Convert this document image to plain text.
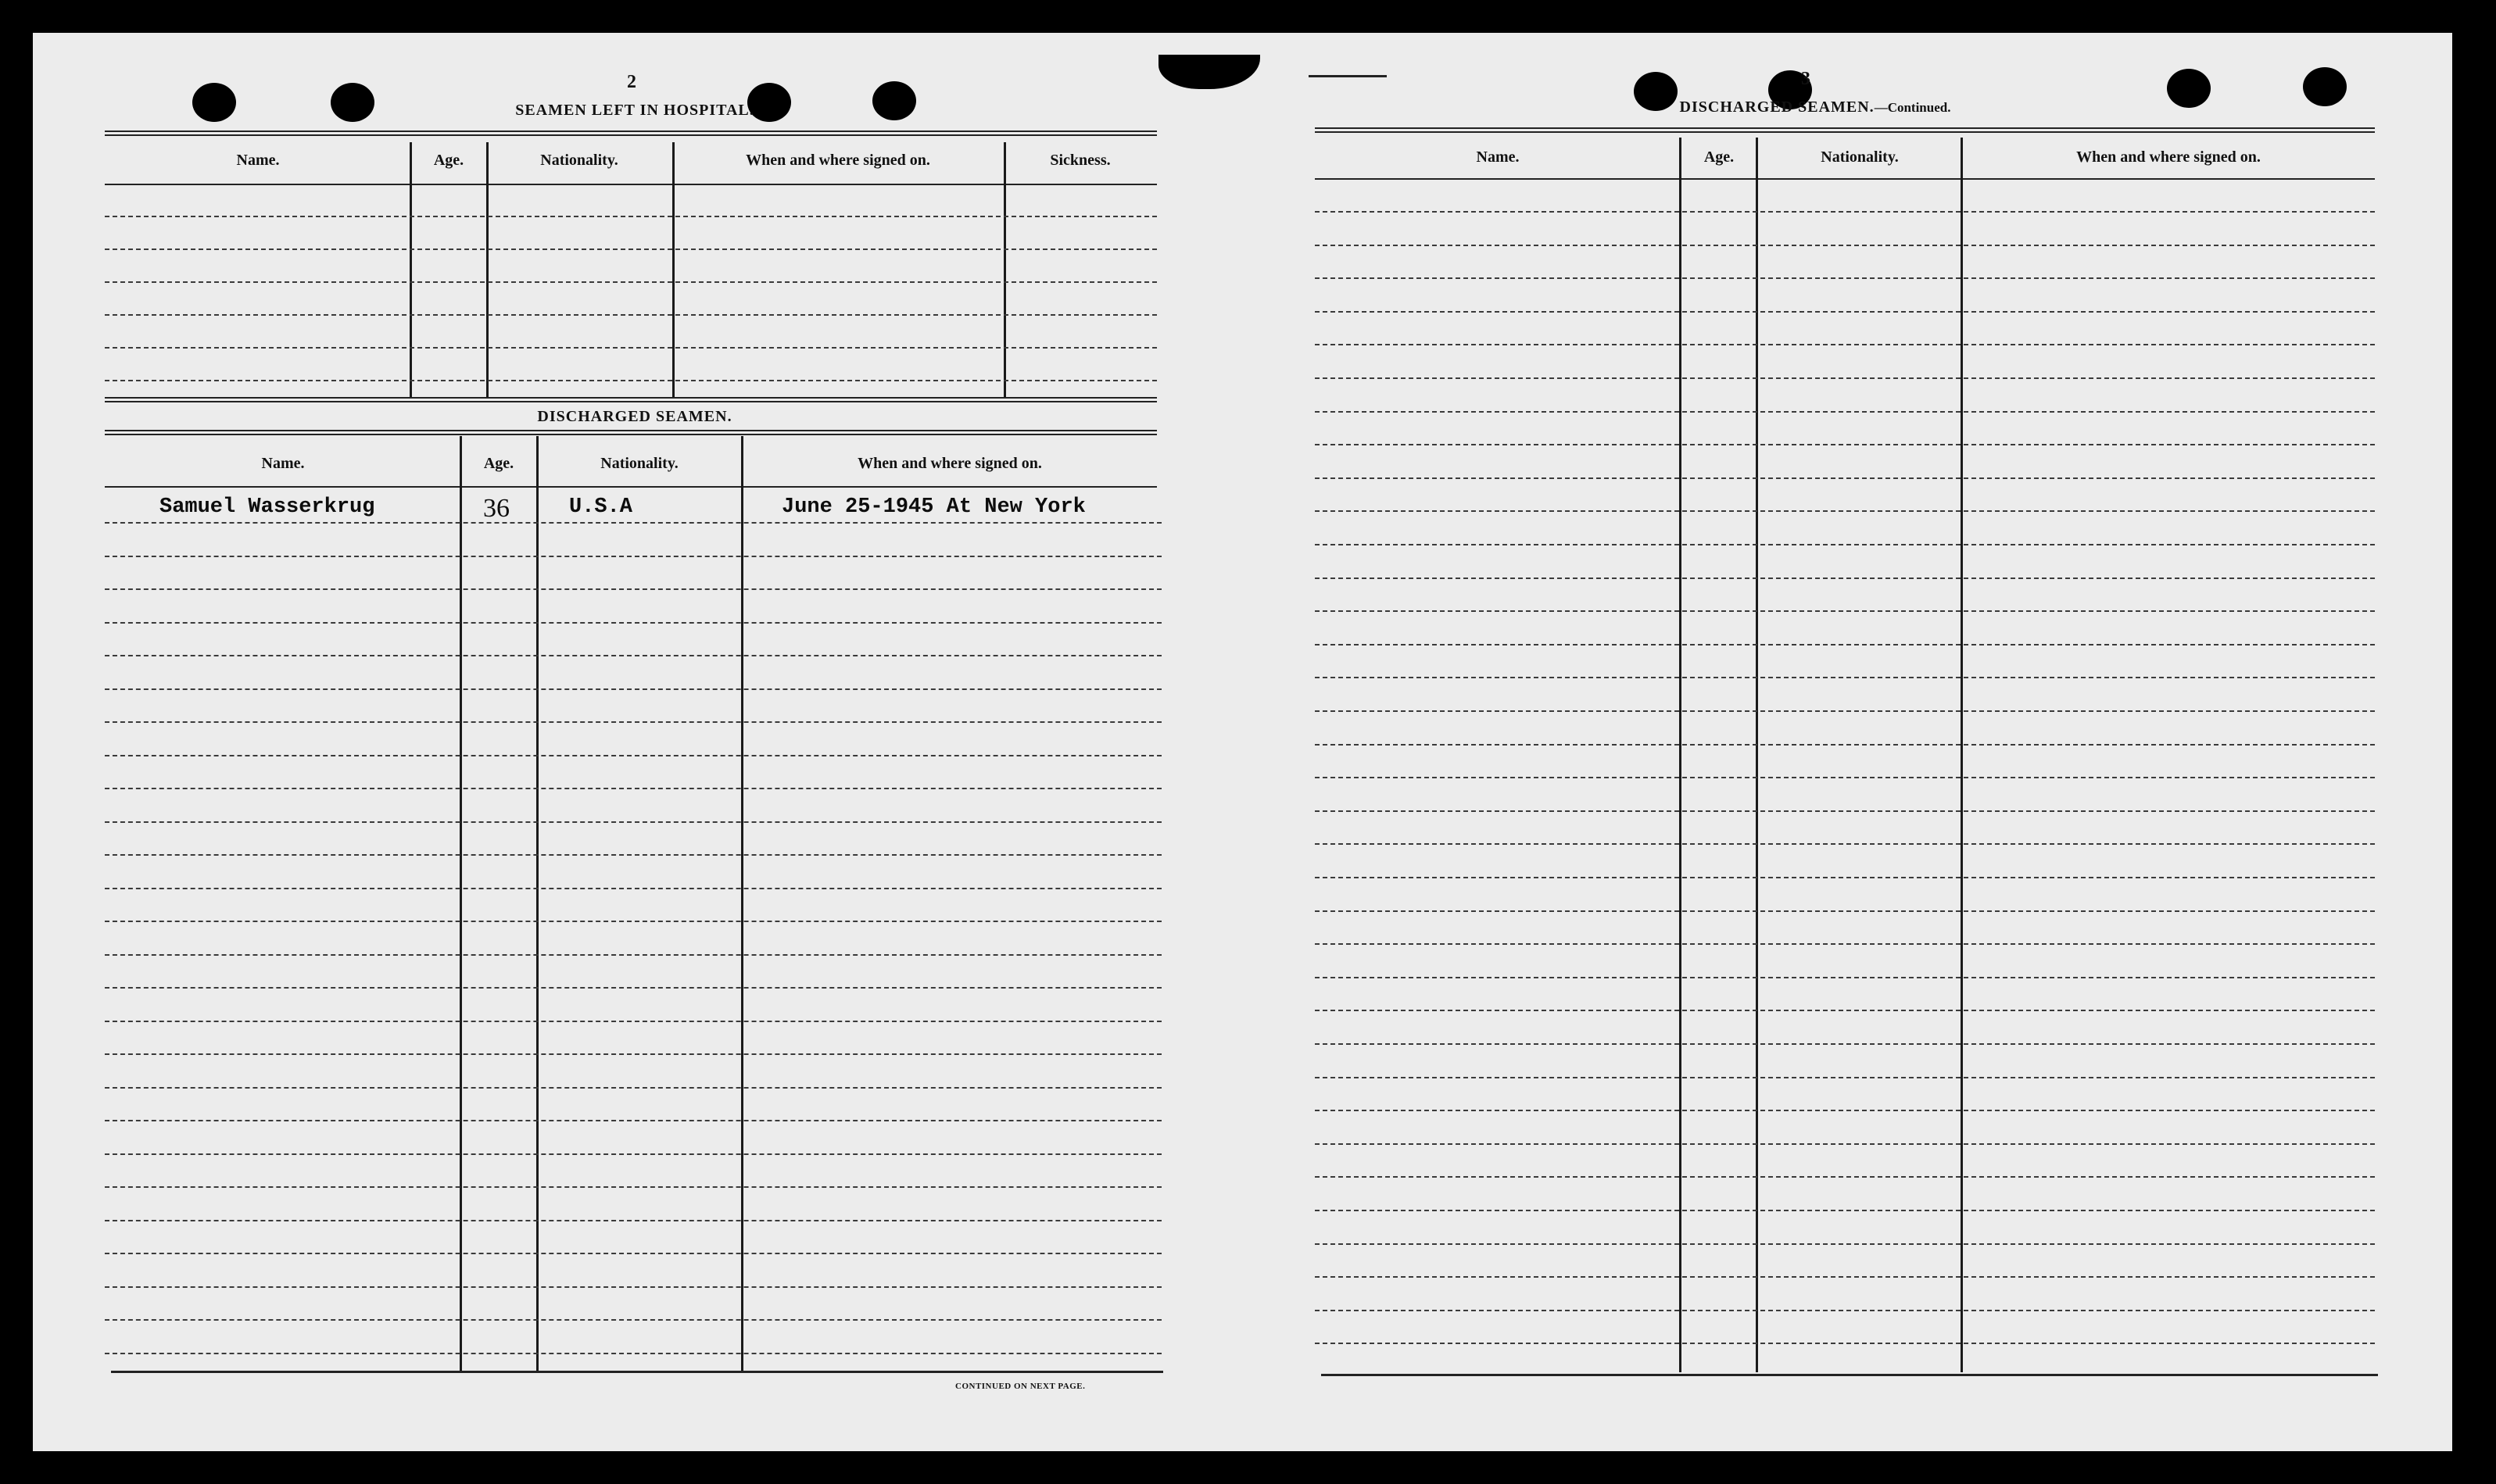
2
SEAMEN LEFT IN HOSPITAL.
Name.	Age.	Nationality.	When and where signed on.	Sickness.
DISCHARGED SEAMEN.
Name.	Age.	Nationality.	When and where signed on.
Samuel Wasserkrug	36	U.S.A	June 25-1945 At New York
CONTINUED ON NEXT PAGE.
3
DISCHARGED SEAMEN.—Continued.
Name.	Age.	Nationality.	When and where signed on.
